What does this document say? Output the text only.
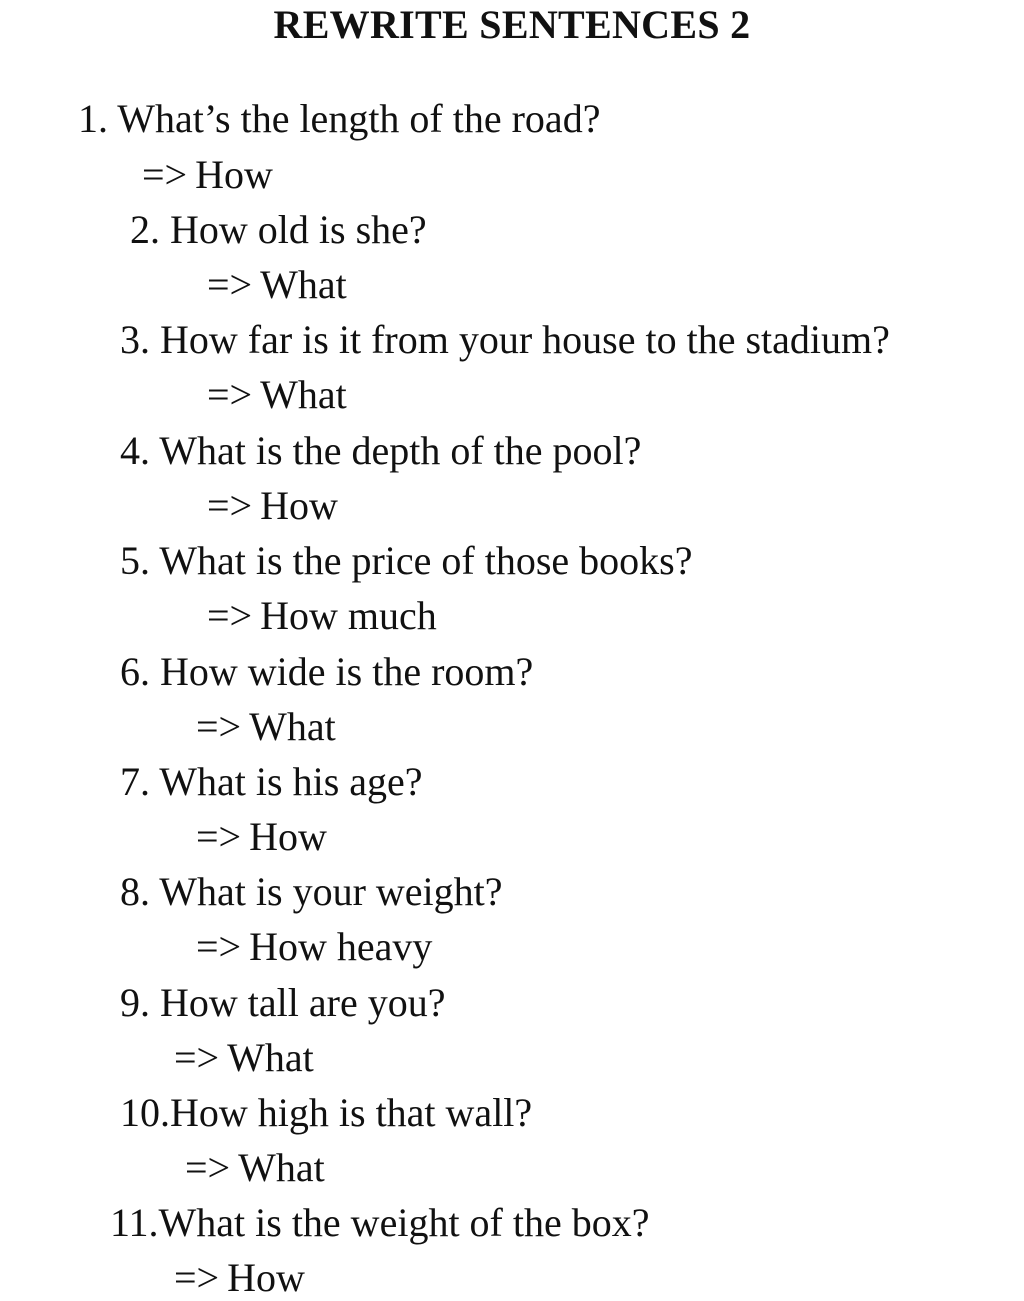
REWRITE SENTENCES 2
1. What’s the length of the road?
=> How
2. How old is she?
=> What
3. How far is it from your house to the stadium?
=> What
4. What is the depth of the pool?
=> How
5. What is the price of those books?
=> How much
6. How wide is the room?
=> What
7. What is his age?
=> How
8. What is your weight?
=> How heavy
9. How tall are you?
=> What
10.How high is that wall?
=> What
11.What is the weight of the box?
=> How
